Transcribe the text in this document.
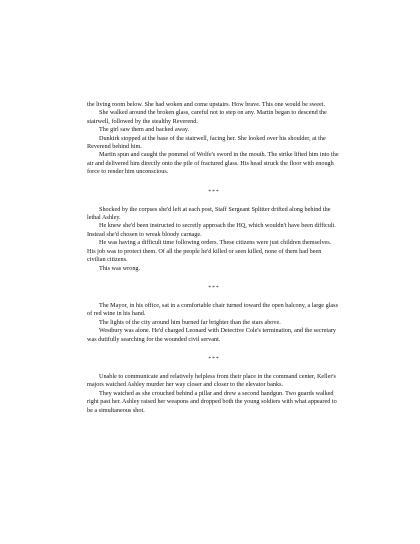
the living room below. She had woken and come upstairs. How brave. This one would be sweet.

She walked around the broken glass, careful not to step on any. Martin began to descend the stairwell, followed by the stealthy Reverend.

The girl saw them and backed away.

Dunkirk stopped at the base of the stairwell, facing her. She looked over his shoulder, at the Reverend behind him.

Martin spun and caught the pommel of Wolfe's sword in the mouth. The strike lifted him into the air and delivered him directly onto the pile of fractured glass. His head struck the floor with enough force to render him unconscious.

***

Shocked by the corpses she'd left at each post, Staff Sergeant Splitter drifted along behind the lethal Ashley.

He knew she'd been instructed to secretly approach the HQ, which wouldn't have been difficult. Instead she'd chosen to wreak bloody carnage.

He was having a difficult time following orders. These citizens were just children themselves. His job was to protect them. Of all the people he'd killed or seen killed, none of them had been civilian citizens.

This was wrong.

***

The Mayor, in his office, sat in a comfortable chair turned toward the open balcony, a large glass of red wine in his hand.

The lights of the city around him burned far brighter than the stars above.

Westbury was alone. He'd charged Leonard with Detective Cole's termination, and the secretary was dutifully searching for the wounded civil servant.

***

Unable to communicate and relatively helpless from their place in the command center, Keller's majors watched Ashley murder her way closer and closer to the elevator banks.

They watched as she crouched behind a pillar and drew a second handgun. Two guards walked right past her. Ashley raised her weapons and dropped both the young soldiers with what appeared to be a simultaneous shot.
